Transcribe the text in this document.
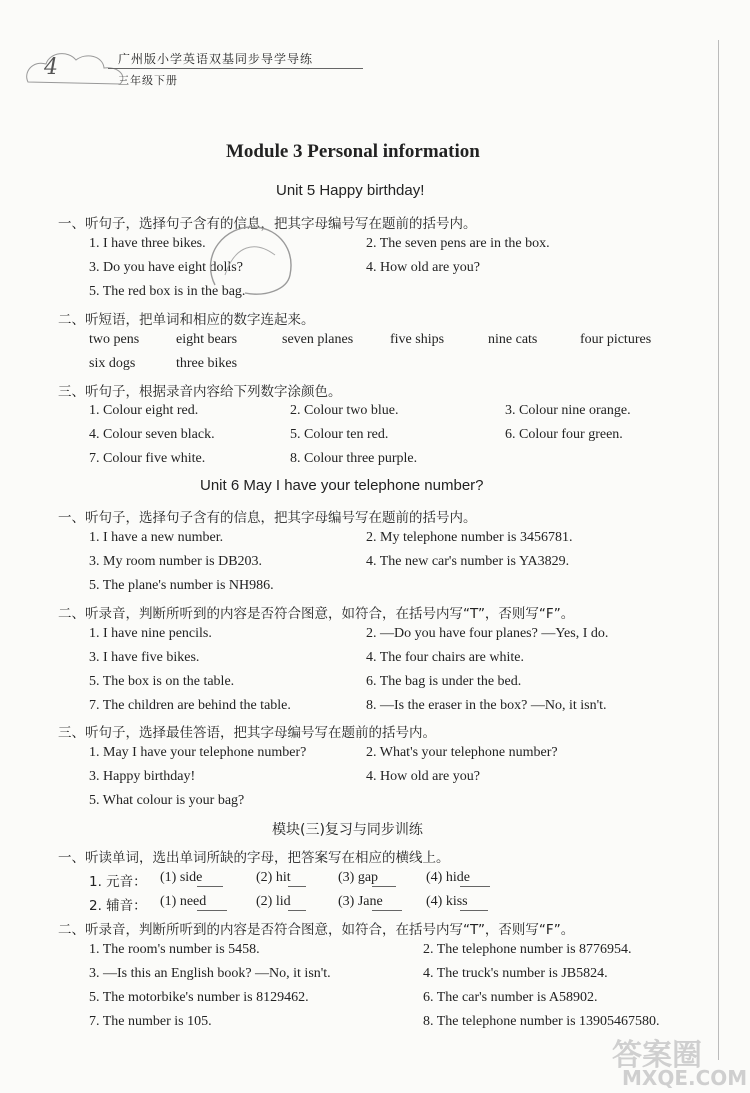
4	广州版小学英语双基同步导学导练
三年级下册
Module 3 Personal information
Unit 5 Happy birthday!
一、听句子，选择句子含有的信息，把其字母编号写在题前的括号内。
1. I have three bikes.	2. The seven pens are in the box.
3. Do you have eight dolls?	4. How old are you?
5. The red box is in the bag.
二、听短语，把单词和相应的数字连起来。
two pens	eight bears	seven planes	five ships	nine cats	four pictures
six dogs	three bikes
三、听句子，根据录音内容给下列数字涂颜色。
1. Colour eight red.	2. Colour two blue.	3. Colour nine orange.
4. Colour seven black.	5. Colour ten red.	6. Colour four green.
7. Colour five white.	8. Colour three purple.
Unit 6 May I have your telephone number?
一、听句子，选择句子含有的信息，把其字母编号写在题前的括号内。
1. I have a new number.	2. My telephone number is 3456781.
3. My room number is DB203.	4. The new car's number is YA3829.
5. The plane's number is NH986.
二、听录音，判断所听到的内容是否符合图意，如符合，在括号内写“T”，否则写“F”。
1. I have nine pencils.	2. —Do you have four planes? —Yes, I do.
3. I have five bikes.	4. The four chairs are white.
5. The box is on the table.	6. The bag is under the bed.
7. The children are behind the table.	8. —Is the eraser in the box? —No, it isn't.
三、听句子，选择最佳答语，把其字母编号写在题前的括号内。
1. May I have your telephone number?	2. What's your telephone number?
3. Happy birthday!	4. How old are you?
5. What colour is your bag?
模块(三)复习与同步训练
一、听读单词，选出单词所缺的字母，把答案写在相应的横线上。
1. 元音： (1) side	(2) hit	(3) gap	(4) hide
2. 辅音： (1) need	(2) lid	(3) Jane	(4) kiss
二、听录音，判断所听到的内容是否符合图意，如符合，在括号内写“T”，否则写“F”。
1. The room's number is 5458.	2. The telephone number is 8776954.
3. —Is this an English book? —No, it isn't.	4. The truck's number is JB5824.
5. The motorbike's number is 8129462.	6. The car's number is A58902.
7. The number is 105.	8. The telephone number is 13905467580.
答案圈
MXQE.COM
